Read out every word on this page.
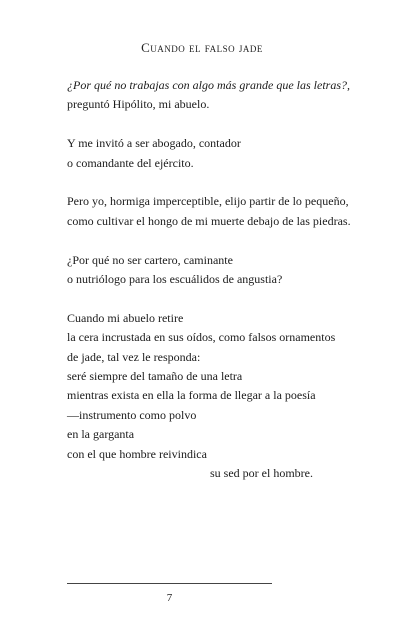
Cuando el falso jade
¿Por qué no trabajas con algo más grande que las letras?,
preguntó Hipólito, mi abuelo.
Y me invitó a ser abogado, contador
o comandante del ejército.
Pero yo, hormiga imperceptible, elijo partir de lo pequeño,
como cultivar el hongo de mi muerte debajo de las piedras.
¿Por qué no ser cartero, caminante
o nutriólogo para los escuálidos de angustia?
Cuando mi abuelo retire
la cera incrustada en sus oídos, como falsos ornamentos
de jade, tal vez le responda:
seré siempre del tamaño de una letra
mientras exista en ella la forma de llegar a la poesía
—instrumento como polvo
en la garganta
con el que hombre reivindica
su sed por el hombre.
7
